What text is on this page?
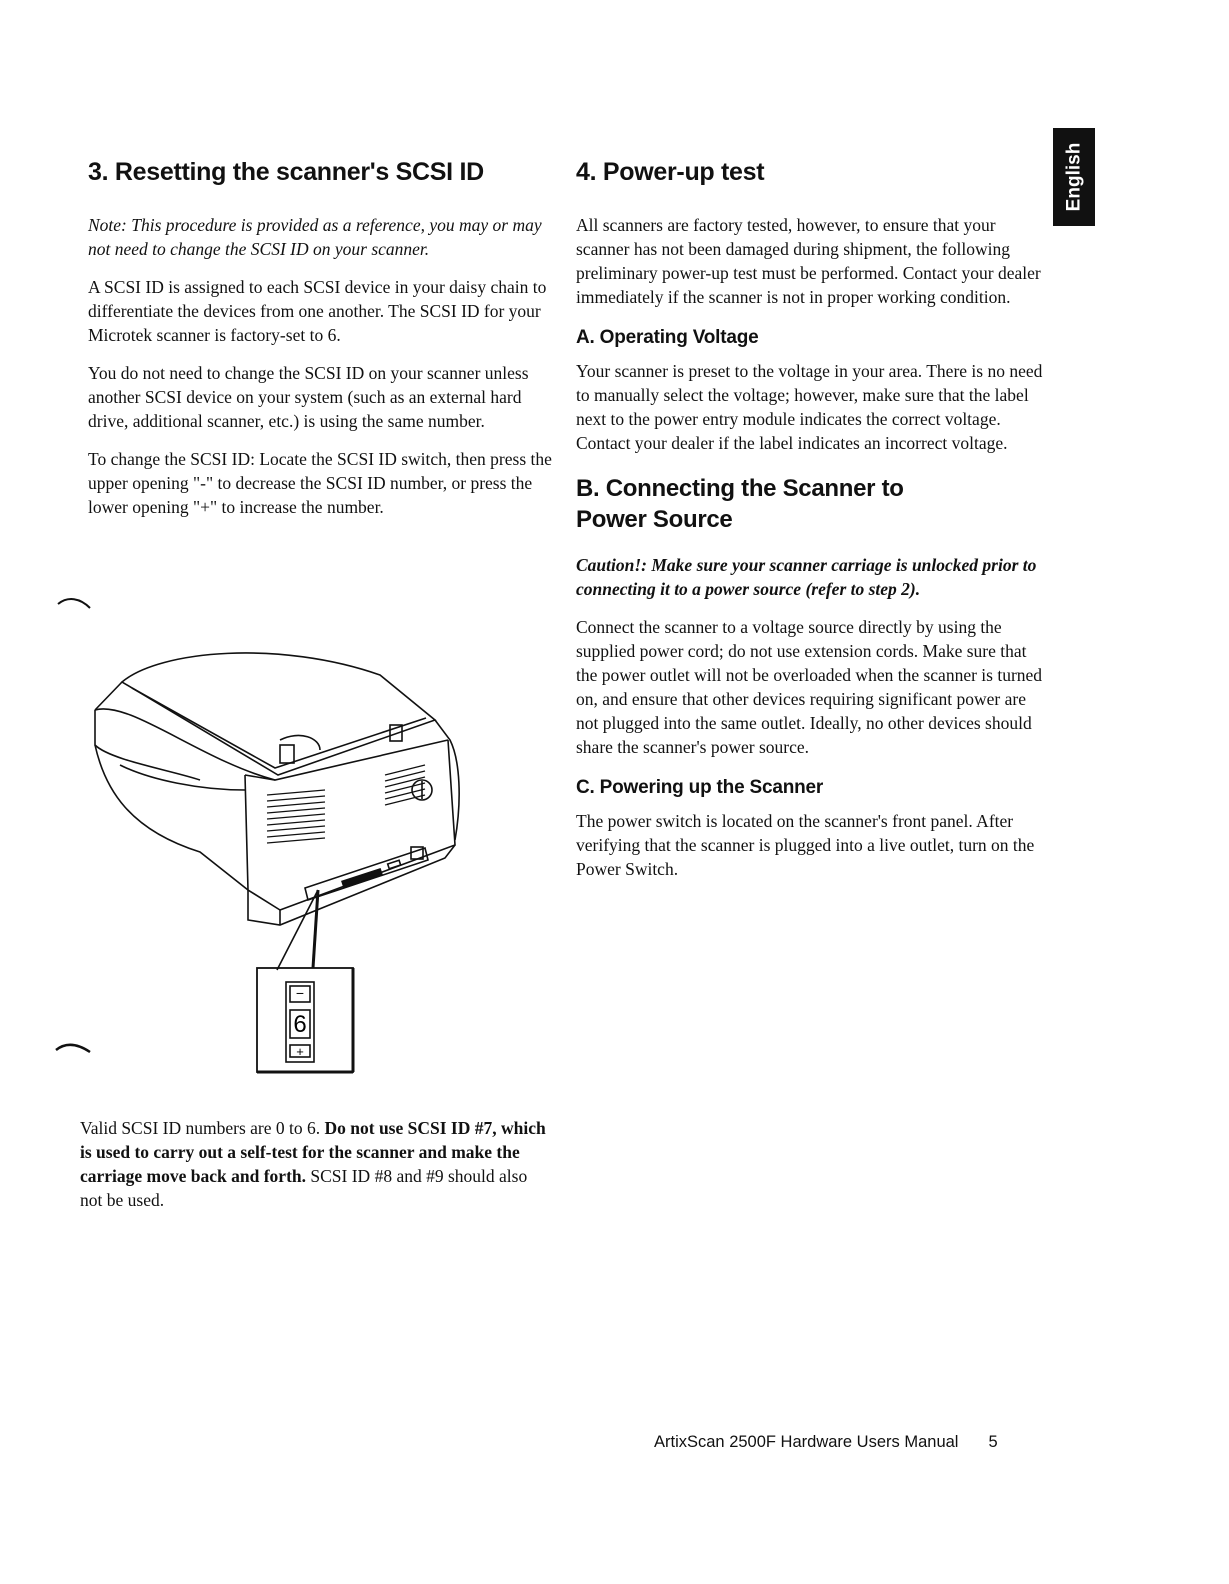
English
3. Resetting the scanner's SCSI ID

Note: This procedure is provided as a reference, you may or may not need to change the SCSI ID on your scanner.

A SCSI ID is assigned to each SCSI device in your daisy chain to differentiate the devices from one another. The SCSI ID for your Microtek scanner is factory-set to 6.

You do not need to change the SCSI ID on your scanner unless another SCSI device on your system (such as an external hard drive, additional scanner, etc.) is using the same number.

To change the SCSI ID: Locate the SCSI ID switch, then press the upper opening "-" to decrease the SCSI ID number, or press the lower opening "+" to increase the number.

−
6
+

Valid SCSI ID numbers are 0 to 6. Do not use SCSI ID #7, which is used to carry out a self-test for the scanner and make the carriage move back and forth. SCSI ID #8 and #9 should also not be used.

4. Power-up test

All scanners are factory tested, however, to ensure that your scanner has not been damaged during shipment, the following preliminary power-up test must be performed. Contact your dealer immediately if the scanner is not in proper working condition.

A. Operating Voltage

Your scanner is preset to the voltage in your area. There is no need to manually select the voltage; however, make sure that the label next to the power entry module indicates the correct voltage. Contact your dealer if the label indicates an incorrect voltage.

B. Connecting the Scanner to Power Source

Caution!: Make sure your scanner carriage is unlocked prior to connecting it to a power source (refer to step 2).

Connect the scanner to a voltage source directly by using the supplied power cord; do not use extension cords. Make sure that the power outlet will not be overloaded when the scanner is turned on, and ensure that other devices requiring significant power are not plugged into the same outlet. Ideally, no other devices should share the scanner's power source.

C. Powering up the Scanner

The power switch is located on the scanner's front panel. After verifying that the scanner is plugged into a live outlet, turn on the Power Switch.

ArtixScan 2500F Hardware Users Manual 5
